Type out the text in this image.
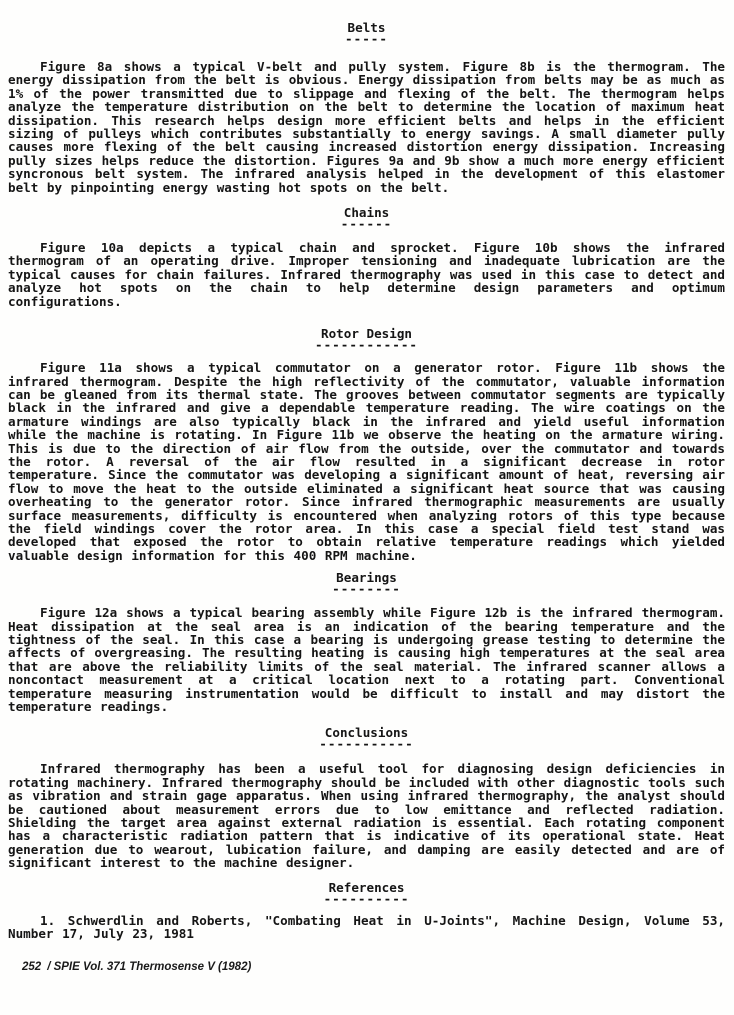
Belts
-----

Figure 8a shows a typical V-belt and pully system. Figure 8b is the thermogram. The energy dissipation from the belt is obvious. Energy dissipation from belts may be as much as 1% of the power transmitted due to slippage and flexing of the belt. The thermogram helps analyze the temperature distribution on the belt to determine the location of maximum heat dissipation. This research helps design more efficient belts and helps in the efficient sizing of pulleys which contributes substantially to energy savings. A small diameter pully causes more flexing of the belt causing increased distortion energy dissipation. Increasing pully sizes helps reduce the distortion. Figures 9a and 9b show a much more energy efficient syncronous belt system. The infrared analysis helped in the development of this elastomer belt by pinpointing energy wasting hot spots on the belt.

Chains
------

Figure 10a depicts a typical chain and sprocket. Figure 10b shows the infrared thermogram of an operating drive. Improper tensioning and inadequate lubrication are the typical causes for chain failures. Infrared thermography was used in this case to detect and analyze hot spots on the chain to help determine design parameters and optimum configurations.

Rotor Design
------------

Figure 11a shows a typical commutator on a generator rotor. Figure 11b shows the infrared thermogram. Despite the high reflectivity of the commutator, valuable information can be gleaned from its thermal state. The grooves between commutator segments are typically black in the infrared and give a dependable temperature reading. The wire coatings on the armature windings are also typically black in the infrared and yield useful information while the machine is rotating. In Figure 11b we observe the heating on the armature wiring. This is due to the direction of air flow from the outside, over the commutator and towards the rotor. A reversal of the air flow resulted in a significant decrease in rotor temperature. Since the commutator was developing a significant amount of heat, reversing air flow to move the heat to the outside eliminated a significant heat source that was causing overheating to the generator rotor. Since infrared thermographic measurements are usually surface measurements, difficulty is encountered when analyzing rotors of this type because the field windings cover the rotor area. In this case a special field test stand was developed that exposed the rotor to obtain relative temperature readings which yielded valuable design information for this 400 RPM machine.

Bearings
--------

Figure 12a shows a typical bearing assembly while Figure 12b is the infrared thermogram. Heat dissipation at the seal area is an indication of the bearing temperature and the tightness of the seal. In this case a bearing is undergoing grease testing to determine the affects of overgreasing. The resulting heating is causing high temperatures at the seal area that are above the reliability limits of the seal material. The infrared scanner allows a noncontact measurement at a critical location next to a rotating part. Conventional temperature measuring instrumentation would be difficult to install and may distort the temperature readings.

Conclusions
-----------

Infrared thermography has been a useful tool for diagnosing design deficiencies in rotating machinery. Infrared thermography should be included with other diagnostic tools such as vibration and strain gage apparatus. When using infrared thermography, the analyst should be cautioned about measurement errors due to low emittance and reflected radiation. Shielding the target area against external radiation is essential. Each rotating component has a characteristic radiation pattern that is indicative of its operational state. Heat generation due to wearout, lubication failure, and damping are easily detected and are of significant interest to the machine designer.

References
----------

1. Schwerdlin and Roberts, "Combating Heat in U-Joints", Machine Design, Volume 53, Number 17, July 23, 1981

252 / SPIE Vol. 371 Thermosense V (1982)
